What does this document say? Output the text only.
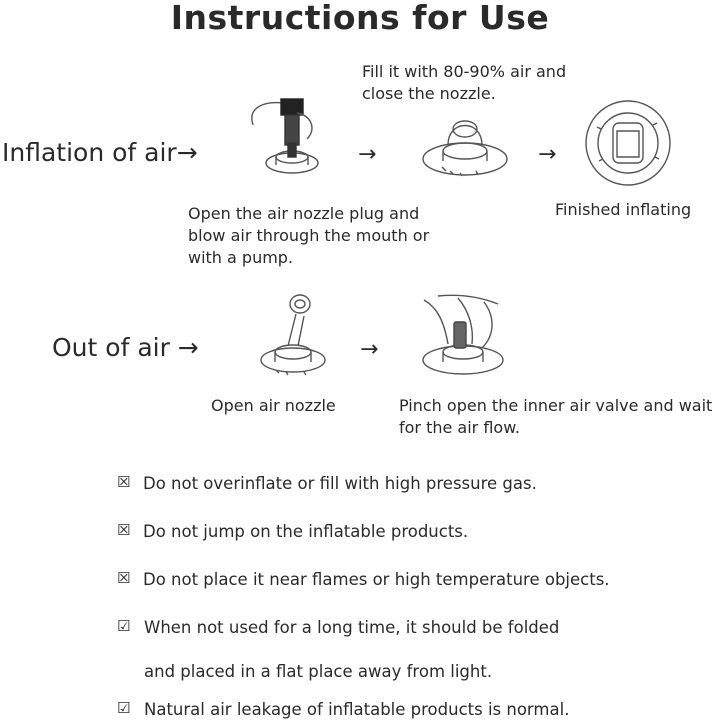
Instructions for Use
Inflation of air→	→	→
Open the air nozzle plug and blow air through the mouth or with a pump.
Fill it with 80-90% air and close the nozzle.
Finished inflating
Out of air →	→
Open air nozzle	Pinch open the inner air valve and wait for the air flow.
☒ Do not overinflate or fill with high pressure gas.
☒ Do not jump on the inflatable products.
☒ Do not place it near flames or high temperature objects.
☑ When not used for a long time, it should be folded
and placed in a flat place away from light.
☑ Natural air leakage of inflatable products is normal.
